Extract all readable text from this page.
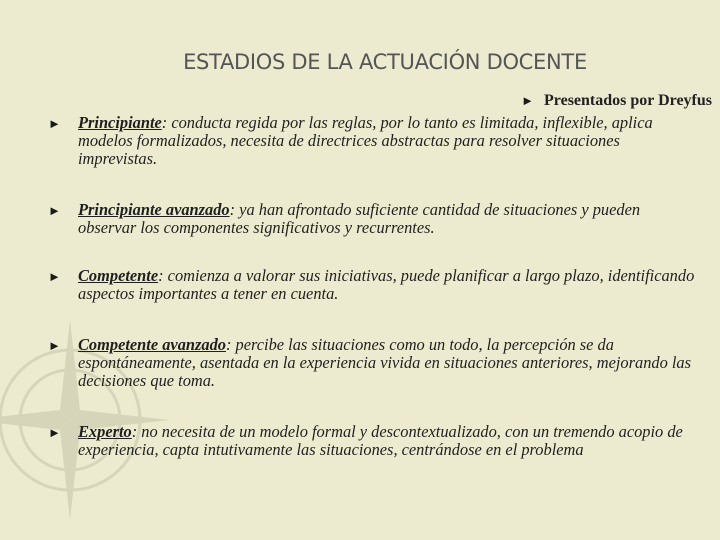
ESTADIOS DE LA ACTUACIÓN DOCENTE
► Presentados por Dreyfus
► Principiante: conducta regida por las reglas, por lo tanto es limitada, inflexible, aplica modelos formalizados, necesita de directrices abstractas para resolver situaciones imprevistas.
► Principiante avanzado: ya han afrontado suficiente cantidad de situaciones y pueden observar los componentes significativos y recurrentes.
► Competente: comienza a valorar sus iniciativas, puede planificar a largo plazo, identificando aspectos importantes a tener en cuenta.
► Competente avanzado: percibe las situaciones como un todo, la percepción se da espontáneamente, asentada en la experiencia vivida en situaciones anteriores, mejorando las decisiones que toma.
► Experto: no necesita de un modelo formal y descontextualizado, con un tremendo acopio de experiencia, capta intutivamente las situaciones, centrándose en el problema
